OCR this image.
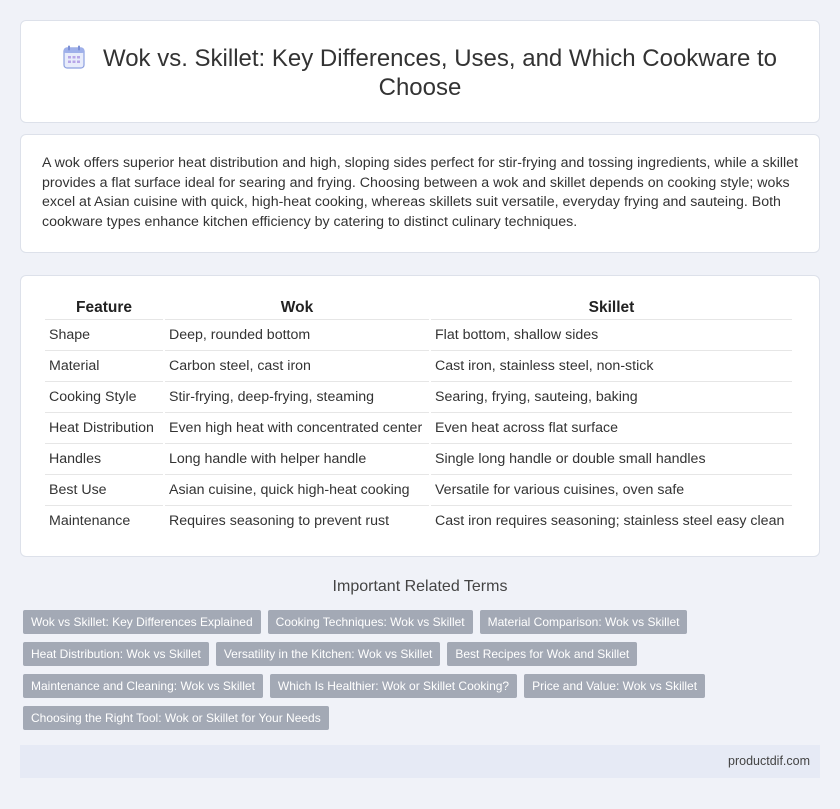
Wok vs. Skillet: Key Differences, Uses, and Which Cookware to Choose

A wok offers superior heat distribution and high, sloping sides perfect for stir-frying and tossing ingredients, while a skillet provides a flat surface ideal for searing and frying. Choosing between a wok and skillet depends on cooking style; woks excel at Asian cuisine with quick, high-heat cooking, whereas skillets suit versatile, everyday frying and sauteing. Both cookware types enhance kitchen efficiency by catering to distinct culinary techniques.

Feature	Wok	Skillet
Shape	Deep, rounded bottom	Flat bottom, shallow sides
Material	Carbon steel, cast iron	Cast iron, stainless steel, non-stick
Cooking Style	Stir-frying, deep-frying, steaming	Searing, frying, sauteing, baking
Heat Distribution	Even high heat with concentrated center	Even heat across flat surface
Handles	Long handle with helper handle	Single long handle or double small handles
Best Use	Asian cuisine, quick high-heat cooking	Versatile for various cuisines, oven safe
Maintenance	Requires seasoning to prevent rust	Cast iron requires seasoning; stainless steel easy clean
Important Related Terms
Wok vs Skillet: Key Differences Explained	Cooking Techniques: Wok vs Skillet	Material Comparison: Wok vs Skillet
Heat Distribution: Wok vs Skillet	Versatility in the Kitchen: Wok vs Skillet	Best Recipes for Wok and Skillet
Maintenance and Cleaning: Wok vs Skillet	Which Is Healthier: Wok or Skillet Cooking?	Price and Value: Wok vs Skillet
Choosing the Right Tool: Wok or Skillet for Your Needs
productdif.com
